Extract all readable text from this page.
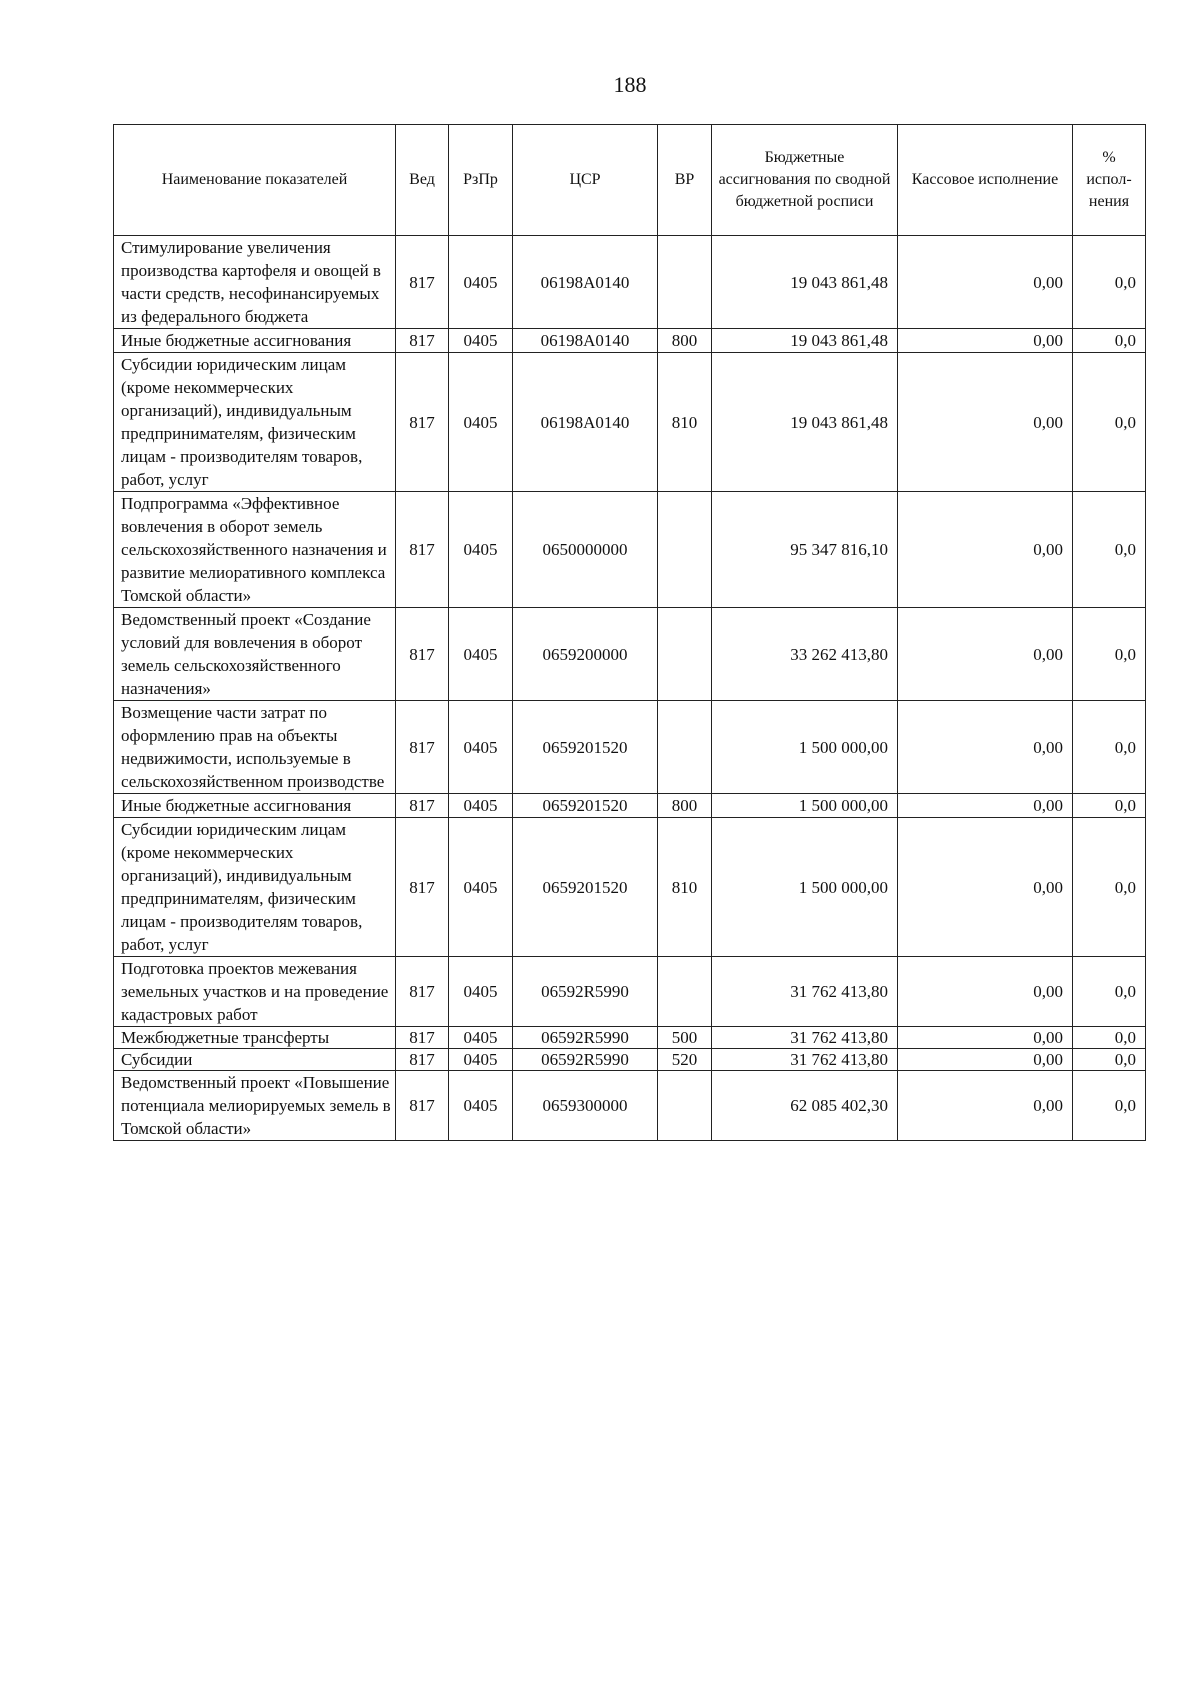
188
Наименование показателей	Вед	РзПр	ЦСР	ВР	Бюджетные ассигнования по сводной бюджетной росписи	Кассовое исполнение	% испол-нения
Стимулирование увеличения производства картофеля и овощей в части средств, несофинансируемых из федерального бюджета	817	0405	06198А0140		19 043 861,48	0,00	0,0
Иные бюджетные ассигнования	817	0405	06198А0140	800	19 043 861,48	0,00	0,0
Субсидии юридическим лицам (кроме некоммерческих организаций), индивидуальным предпринимателям, физическим лицам - производителям товаров, работ, услуг	817	0405	06198А0140	810	19 043 861,48	0,00	0,0
Подпрограмма «Эффективное вовлечения в оборот земель сельскохозяйственного назначения и развитие мелиоративного комплекса Томской области»	817	0405	0650000000		95 347 816,10	0,00	0,0
Ведомственный проект «Создание условий для вовлечения в оборот земель сельскохозяйственного назначения»	817	0405	0659200000		33 262 413,80	0,00	0,0
Возмещение части затрат по оформлению прав на объекты недвижимости, используемые в сельскохозяйственном производстве	817	0405	0659201520		1 500 000,00	0,00	0,0
Иные бюджетные ассигнования	817	0405	0659201520	800	1 500 000,00	0,00	0,0
Субсидии юридическим лицам (кроме некоммерческих организаций), индивидуальным предпринимателям, физическим лицам - производителям товаров, работ, услуг	817	0405	0659201520	810	1 500 000,00	0,00	0,0
Подготовка проектов межевания земельных участков и на проведение кадастровых работ	817	0405	06592R5990		31 762 413,80	0,00	0,0
Межбюджетные трансферты	817	0405	06592R5990	500	31 762 413,80	0,00	0,0
Субсидии	817	0405	06592R5990	520	31 762 413,80	0,00	0,0
Ведомственный проект «Повышение потенциала мелиорируемых земель в Томской области»	817	0405	0659300000		62 085 402,30	0,00	0,0
